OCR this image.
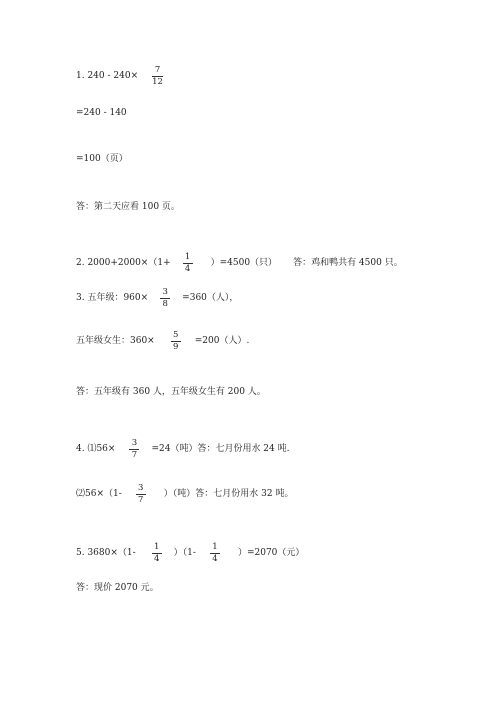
1. $240 - 240\times \frac{7}{12}$
=240 - 140
=100（页）
答：第二天应看 100 页。
2. $2000+2000\times(1+ \frac{1}{4} )=4500$（只） 答：鸡和鸭共有 4500 只。
3. 五年级：$960\times \frac{3}{8} =360$（人），
五年级女生：$360\times \frac{5}{9} =200$（人）.
答：五年级有 360 人，五年级女生有 200 人。
4. ⑴56× $\frac{3}{7} =24$（吨）答：七月份用水 24 吨.
⑵56×（1- $\frac{3}{7}$ ）（吨）答：七月份用水 32 吨。
5. $3680\times(1- \frac{1}{4} )(1- \frac{1}{4} )=2070$（元）
答：现价 2070 元。
